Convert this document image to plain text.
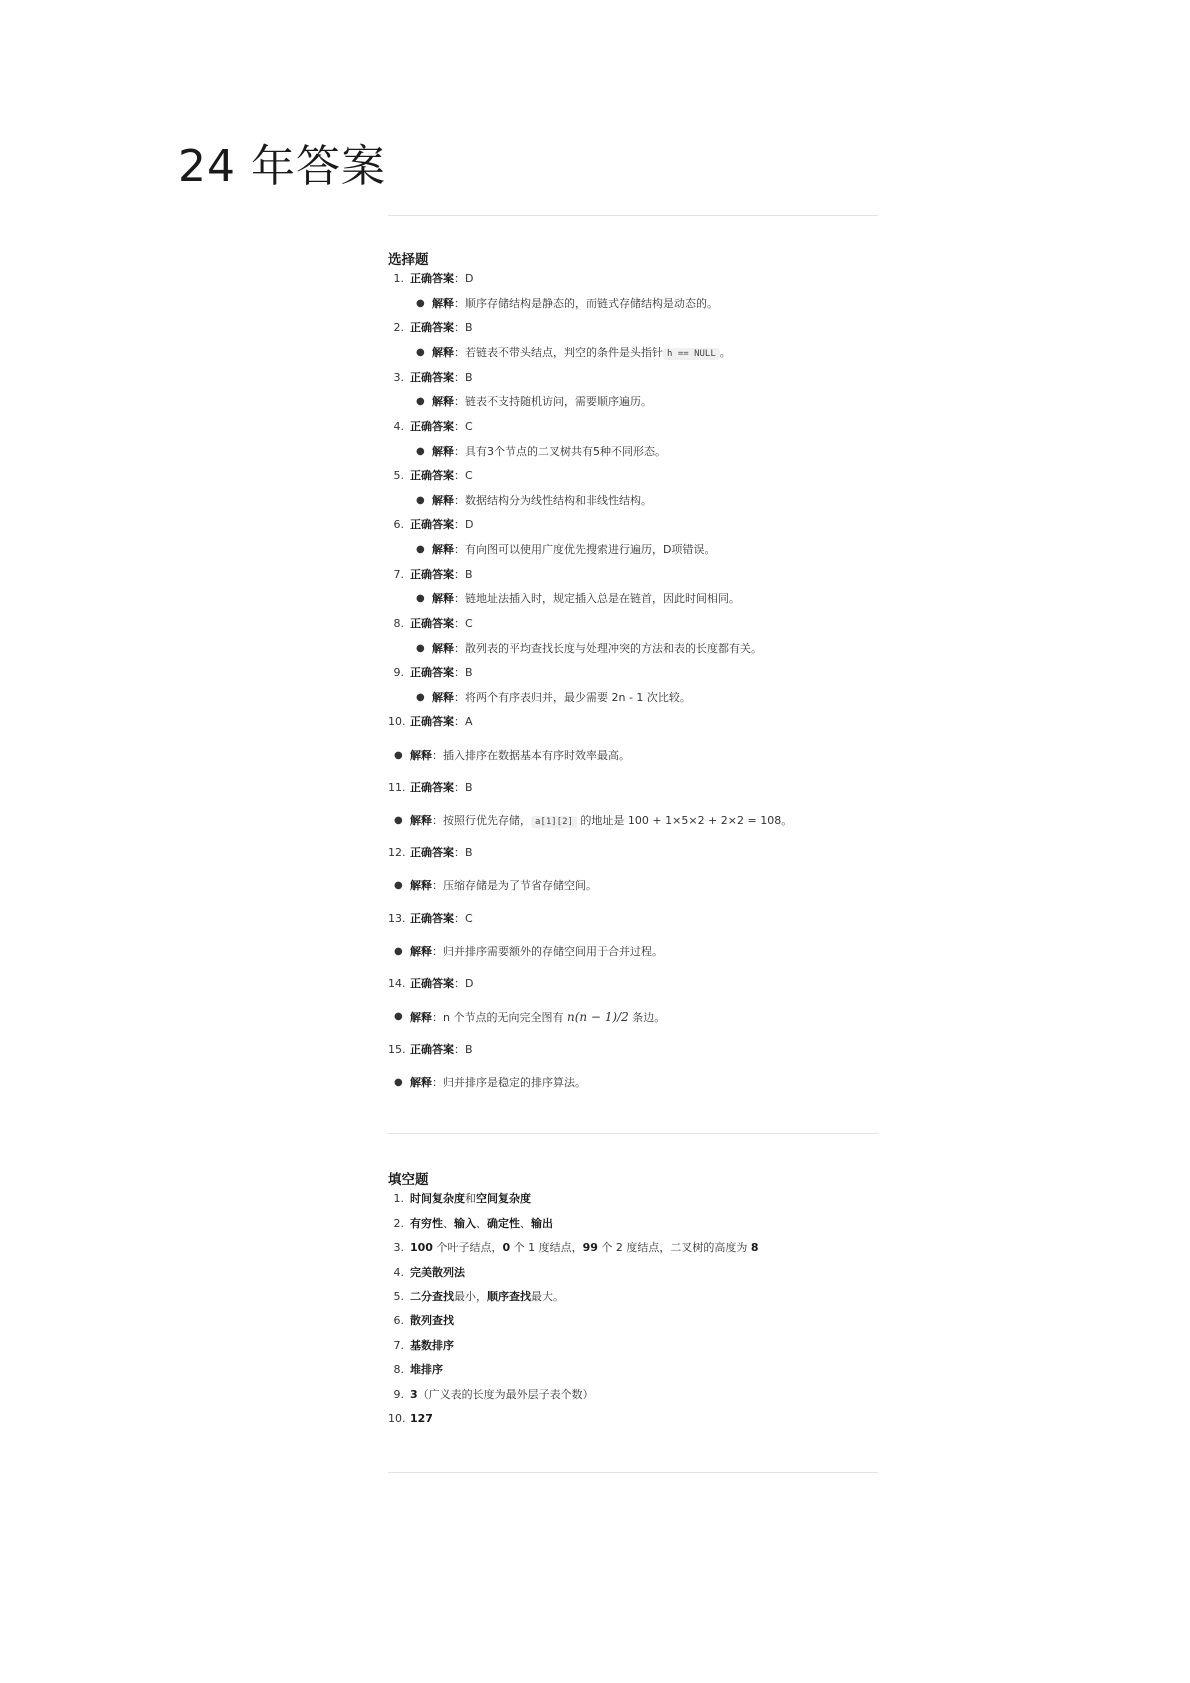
24 年答案
选择题
1. 正确答案：D
● 解释：顺序存储结构是静态的，而链式存储结构是动态的。
2. 正确答案：B
● 解释：若链表不带头结点，判空的条件是头指针 h == NULL 。
3. 正确答案：B
● 解释：链表不支持随机访问，需要顺序遍历。
4. 正确答案：C
● 解释：具有3个节点的二叉树共有5种不同形态。
5. 正确答案：C
● 解释：数据结构分为线性结构和非线性结构。
6. 正确答案：D
● 解释：有向图可以使用广度优先搜索进行遍历，D项错误。
7. 正确答案：B
● 解释：链地址法插入时，规定插入总是在链首，因此时间相同。
8. 正确答案：C
● 解释：散列表的平均查找长度与处理冲突的方法和表的长度都有关。
9. 正确答案：B
● 解释：将两个有序表归并，最少需要 2n - 1 次比较。
10. 正确答案：A
● 解释：插入排序在数据基本有序时效率最高。
11. 正确答案：B
● 解释：按照行优先存储， a[1][2] 的地址是 100 + 1×5×2 + 2×2 = 108。
12. 正确答案：B
● 解释：压缩存储是为了节省存储空间。
13. 正确答案：C
● 解释：归并排序需要额外的存储空间用于合并过程。
14. 正确答案：D
● 解释：n 个节点的无向完全图有 n(n − 1)/2 条边。
15. 正确答案：B
● 解释：归并排序是稳定的排序算法。
填空题
1. 时间复杂度和空间复杂度
2. 有穷性、输入、确定性、输出
3. 100 个叶子结点，0 个 1 度结点，99 个 2 度结点，二叉树的高度为 8
4. 完美散列法
5. 二分查找最小，顺序查找最大。
6. 散列查找
7. 基数排序
8. 堆排序
9. 3（广义表的长度为最外层子表个数）
10. 127
